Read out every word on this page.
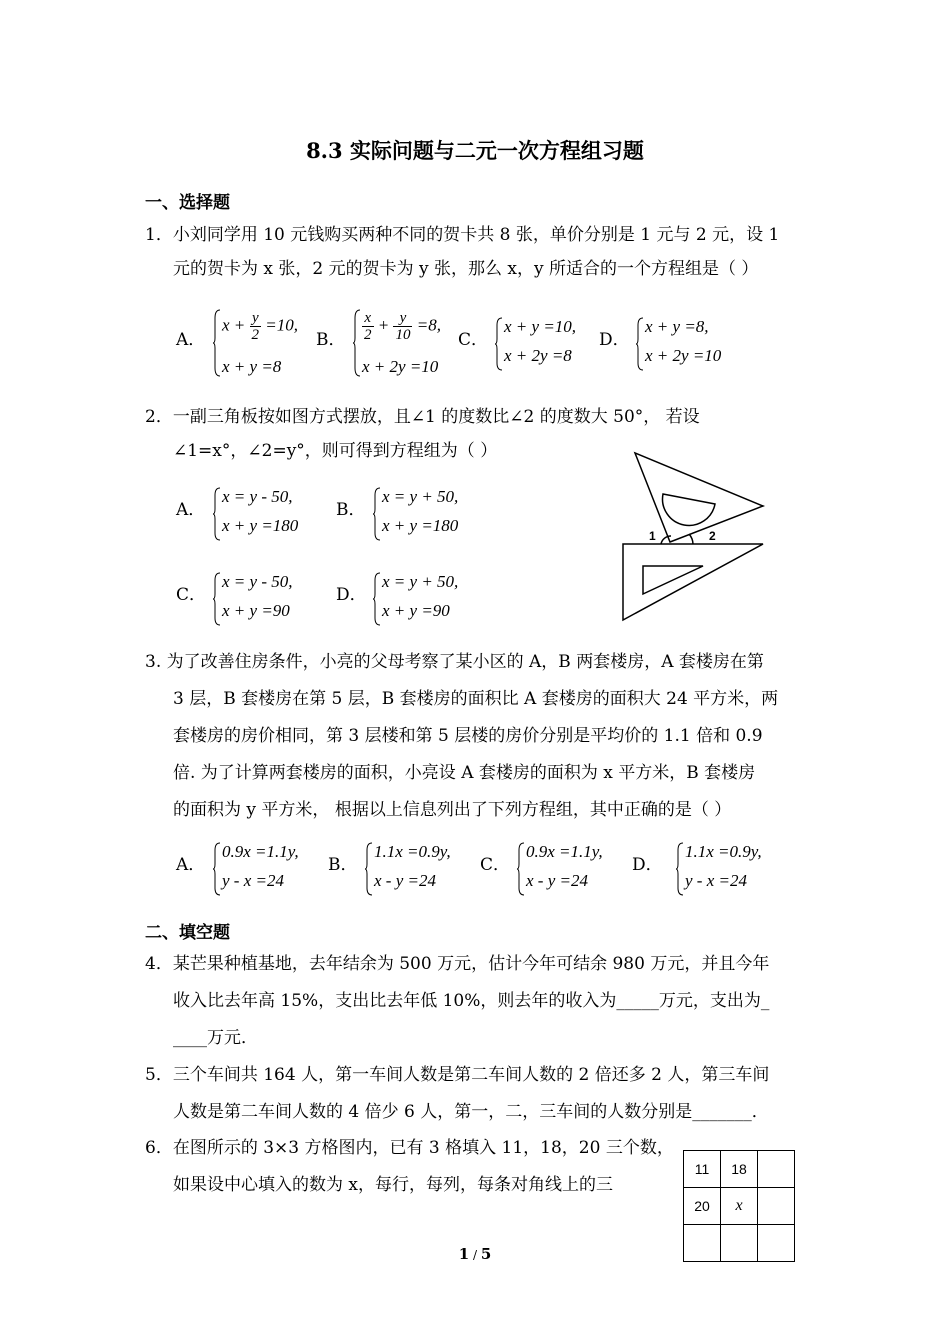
8.3 实际问题与二元一次方程组习题
一、选择题
1．小刘同学用 10 元钱购买两种不同的贺卡共 8 张，单价分别是 1 元与 2 元，设 1
元的贺卡为 x 张，2 元的贺卡为 y 张，那么 x，y 所适合的一个方程组是（ ）
A．
$x + \frac{y}{2} =10$,
x + y =8
B． $\frac{x}{2} + \frac{y}{10} =8$,
x + 2y =10
C．
x + y =10,
x + 2y =8
D．
x + y =8,
x + 2y =10
2．一副三角板按如图方式摆放，且∠1 的度数比∠2 的度数大 50°， 若设
∠1=x°，∠2=y°，则可得到方程组为（ ）
A．
x = y - 50,
x + y =180
B．
x = y + 50,
x + y =180
C．
x = y - 50,
x + y =90
D．
x = y + 50,
x + y =90
1	2
3. 为了改善住房条件，小亮的父母考察了某小区的 A，B 两套楼房，A 套楼房在第
3 层，B 套楼房在第 5 层，B 套楼房的面积比 A 套楼房的面积大 24 平方米，两
套楼房的房价相同，第 3 层楼和第 5 层楼的房价分别是平均价的 1.1 倍和 0.9
倍. 为了计算两套楼房的面积，小亮设 A 套楼房的面积为 x 平方米，B 套楼房
的面积为 y 平方米， 根据以上信息列出了下列方程组，其中正确的是（ ）
A．
0.9x =1.1y,
y - x =24
B．
1.1x =0.9y,
x - y =24
C．
0.9x =1.1y,
x - y =24
D．
1.1x =0.9y,
y - x =24
二、填空题
4．某芒果种植基地，去年结余为 500 万元，估计今年可结余 980 万元，并且今年
收入比去年高 15%，支出比去年低 10%，则去年的收入为_____万元，支出为_
____万元．
5．三个车间共 164 人，第一车间人数是第二车间人数的 2 倍还多 2 人，第三车间
人数是第二车间人数的 4 倍少 6 人，第一，二，三车间的人数分别是_______．
6．在图所示的 3×3 方格图内，已有 3 格填入 11，18，20 三个数，
如果设中心填入的数为 x，每行，每列，每条对角线上的三
11	18	
20	x	

1 / 5
